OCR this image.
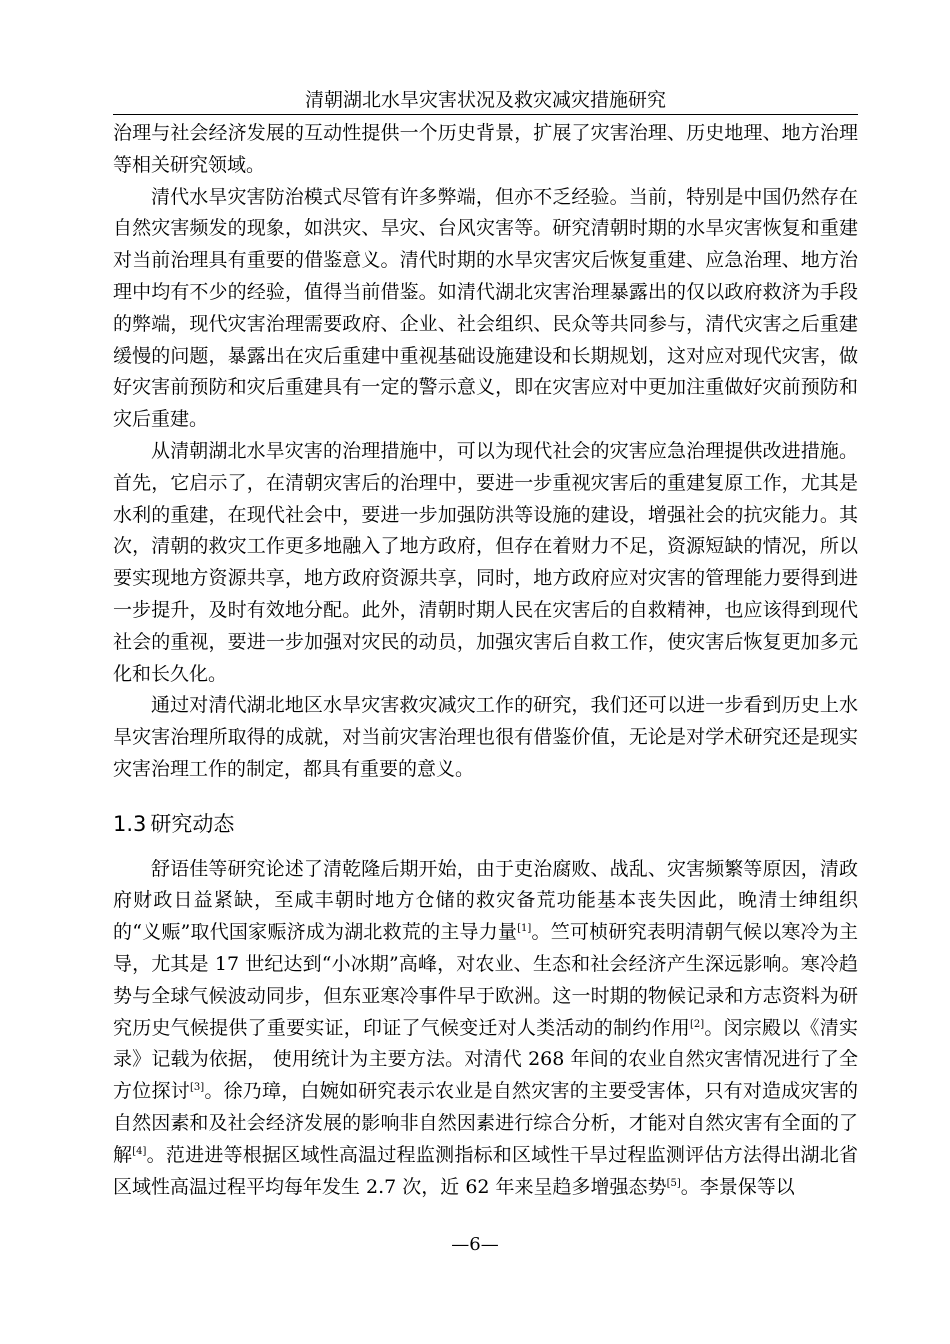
清朝湖北水旱灾害状况及救灾减灾措施研究

治理与社会经济发展的互动性提供一个历史背景，扩展了灾害治理、历史地理、地方治理等相关研究领域。

清代水旱灾害防治模式尽管有许多弊端，但亦不乏经验。当前，特别是中国仍然存在自然灾害频发的现象，如洪灾、旱灾、台风灾害等。研究清朝时期的水旱灾害恢复和重建对当前治理具有重要的借鉴意义。清代时期的水旱灾害灾后恢复重建、应急治理、地方治理中均有不少的经验，值得当前借鉴。如清代湖北灾害治理暴露出的仅以政府救济为手段的弊端，现代灾害治理需要政府、企业、社会组织、民众等共同参与，清代灾害之后重建缓慢的问题，暴露出在灾后重建中重视基础设施建设和长期规划，这对应对现代灾害，做好灾害前预防和灾后重建具有一定的警示意义，即在灾害应对中更加注重做好灾前预防和灾后重建。

从清朝湖北水旱灾害的治理措施中，可以为现代社会的灾害应急治理提供改进措施。首先，它启示了，在清朝灾害后的治理中，要进一步重视灾害后的重建复原工作，尤其是水利的重建，在现代社会中，要进一步加强防洪等设施的建设，增强社会的抗灾能力。其次，清朝的救灾工作更多地融入了地方政府，但存在着财力不足，资源短缺的情况，所以要实现地方资源共享，地方政府资源共享，同时，地方政府应对灾害的管理能力要得到进一步提升，及时有效地分配。此外，清朝时期人民在灾害后的自救精神，也应该得到现代社会的重视，要进一步加强对灾民的动员，加强灾害后自救工作，使灾害后恢复更加多元化和长久化。

通过对清代湖北地区水旱灾害救灾减灾工作的研究，我们还可以进一步看到历史上水旱灾害治理所取得的成就，对当前灾害治理也很有借鉴价值，无论是对学术研究还是现实灾害治理工作的制定，都具有重要的意义。

1.3 研究动态

舒语佳等研究论述了清乾隆后期开始，由于吏治腐败、战乱、灾害频繁等原因，清政府财政日益紧缺，至咸丰朝时地方仓储的救灾备荒功能基本丧失因此，晚清士绅组织的“义赈”取代国家赈济成为湖北救荒的主导力量[1]。竺可桢研究表明清朝气候以寒冷为主导，尤其是 17 世纪达到“小冰期”高峰，对农业、生态和社会经济产生深远影响。寒冷趋势与全球气候波动同步，但东亚寒冷事件早于欧洲。这一时期的物候记录和方志资料为研究历史气候提供了重要实证，印证了气候变迁对人类活动的制约作用[2]。闵宗殿以《清实录》记载为依据， 使用统计为主要方法。对清代 268 年间的农业自然灾害情况进行了全方位探讨[3]。徐乃璋，白婉如研究表示农业是自然灾害的主要受害体，只有对造成灾害的自然因素和及社会经济发展的影响非自然因素进行综合分析，才能对自然灾害有全面的了解[4]。范进进等根据区域性高温过程监测指标和区域性干旱过程监测评估方法得出湖北省区域性高温过程平均每年发生 2.7 次，近 62 年来呈趋多增强态势[5]。李景保等以

—6—
